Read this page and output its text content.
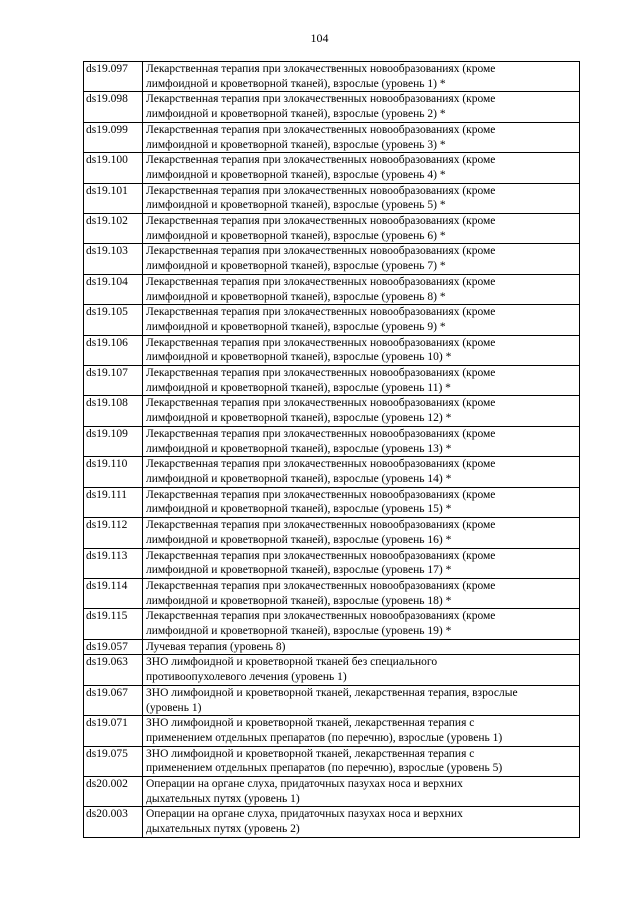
104
ds19.097	Лекарственная терапия при злокачественных новообразованиях (кроме
лимфоидной и кроветворной тканей), взрослые (уровень 1) *

ds19.098	Лекарственная терапия при злокачественных новообразованиях (кроме
лимфоидной и кроветворной тканей), взрослые (уровень 2) *

ds19.099	Лекарственная терапия при злокачественных новообразованиях (кроме
лимфоидной и кроветворной тканей), взрослые (уровень 3) *

ds19.100	Лекарственная терапия при злокачественных новообразованиях (кроме
лимфоидной и кроветворной тканей), взрослые (уровень 4) *

ds19.101	Лекарственная терапия при злокачественных новообразованиях (кроме
лимфоидной и кроветворной тканей), взрослые (уровень 5) *

ds19.102	Лекарственная терапия при злокачественных новообразованиях (кроме
лимфоидной и кроветворной тканей), взрослые (уровень 6) *

ds19.103	Лекарственная терапия при злокачественных новообразованиях (кроме
лимфоидной и кроветворной тканей), взрослые (уровень 7) *

ds19.104	Лекарственная терапия при злокачественных новообразованиях (кроме
лимфоидной и кроветворной тканей), взрослые (уровень 8) *

ds19.105	Лекарственная терапия при злокачественных новообразованиях (кроме
лимфоидной и кроветворной тканей), взрослые (уровень 9) *

ds19.106	Лекарственная терапия при злокачественных новообразованиях (кроме
лимфоидной и кроветворной тканей), взрослые (уровень 10) *

ds19.107	Лекарственная терапия при злокачественных новообразованиях (кроме
лимфоидной и кроветворной тканей), взрослые (уровень 11) *

ds19.108	Лекарственная терапия при злокачественных новообразованиях (кроме
лимфоидной и кроветворной тканей), взрослые (уровень 12) *

ds19.109	Лекарственная терапия при злокачественных новообразованиях (кроме
лимфоидной и кроветворной тканей), взрослые (уровень 13) *

ds19.110	Лекарственная терапия при злокачественных новообразованиях (кроме
лимфоидной и кроветворной тканей), взрослые (уровень 14) *

ds19.111	Лекарственная терапия при злокачественных новообразованиях (кроме
лимфоидной и кроветворной тканей), взрослые (уровень 15) *

ds19.112	Лекарственная терапия при злокачественных новообразованиях (кроме
лимфоидной и кроветворной тканей), взрослые (уровень 16) *

ds19.113	Лекарственная терапия при злокачественных новообразованиях (кроме
лимфоидной и кроветворной тканей), взрослые (уровень 17) *

ds19.114	Лекарственная терапия при злокачественных новообразованиях (кроме
лимфоидной и кроветворной тканей), взрослые (уровень 18) *

ds19.115	Лекарственная терапия при злокачественных новообразованиях (кроме
лимфоидной и кроветворной тканей), взрослые (уровень 19) *

ds19.057	Лучевая терапия (уровень 8)

ds19.063	ЗНО лимфоидной и кроветворной тканей без специального
противоопухолевого лечения (уровень 1)

ds19.067	ЗНО лимфоидной и кроветворной тканей, лекарственная терапия, взрослые
(уровень 1)

ds19.071	ЗНО лимфоидной и кроветворной тканей, лекарственная терапия с
применением отдельных препаратов (по перечню), взрослые (уровень 1)

ds19.075	ЗНО лимфоидной и кроветворной тканей, лекарственная терапия с
применением отдельных препаратов (по перечню), взрослые (уровень 5)

ds20.002	Операции на органе слуха, придаточных пазухах носа и верхних
дыхательных путях (уровень 1)

ds20.003	Операции на органе слуха, придаточных пазухах носа и верхних
дыхательных путях (уровень 2)
